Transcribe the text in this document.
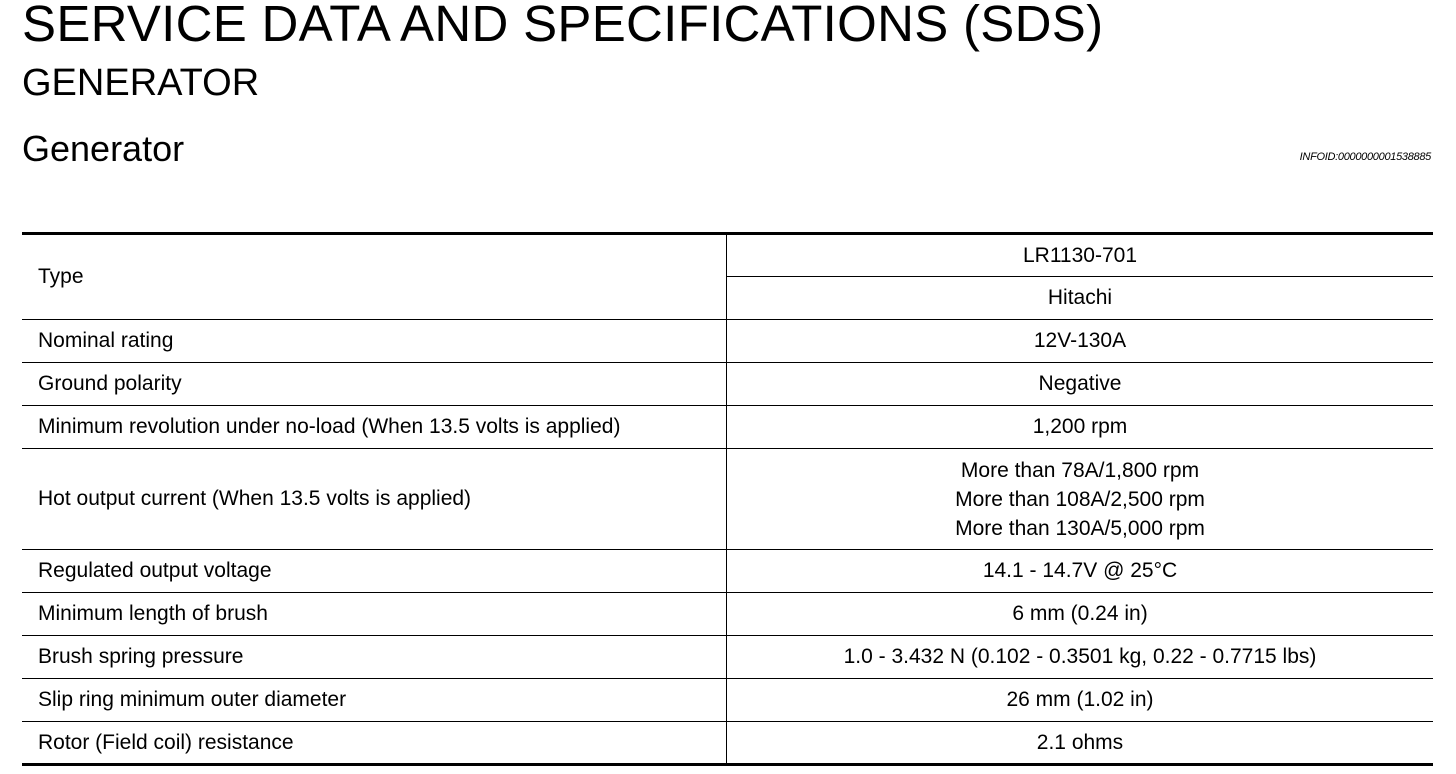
SERVICE DATA AND SPECIFICATIONS (SDS)
GENERATOR
Generator	INFOID:0000000001538885
Type	LR1130-701
	Hitachi
Nominal rating	12V-130A
Ground polarity	Negative
Minimum revolution under no-load (When 13.5 volts is applied)	1,200 rpm
Hot output current (When 13.5 volts is applied)	More than 78A/1,800 rpm
More than 108A/2,500 rpm
More than 130A/5,000 rpm

Regulated output voltage	14.1 - 14.7V @ 25°C
Minimum length of brush	6 mm (0.24 in)
Brush spring pressure	1.0 - 3.432 N (0.102 - 0.3501 kg, 0.22 - 0.7715 lbs)
Slip ring minimum outer diameter	26 mm (1.02 in)
Rotor (Field coil) resistance	2.1 ohms
